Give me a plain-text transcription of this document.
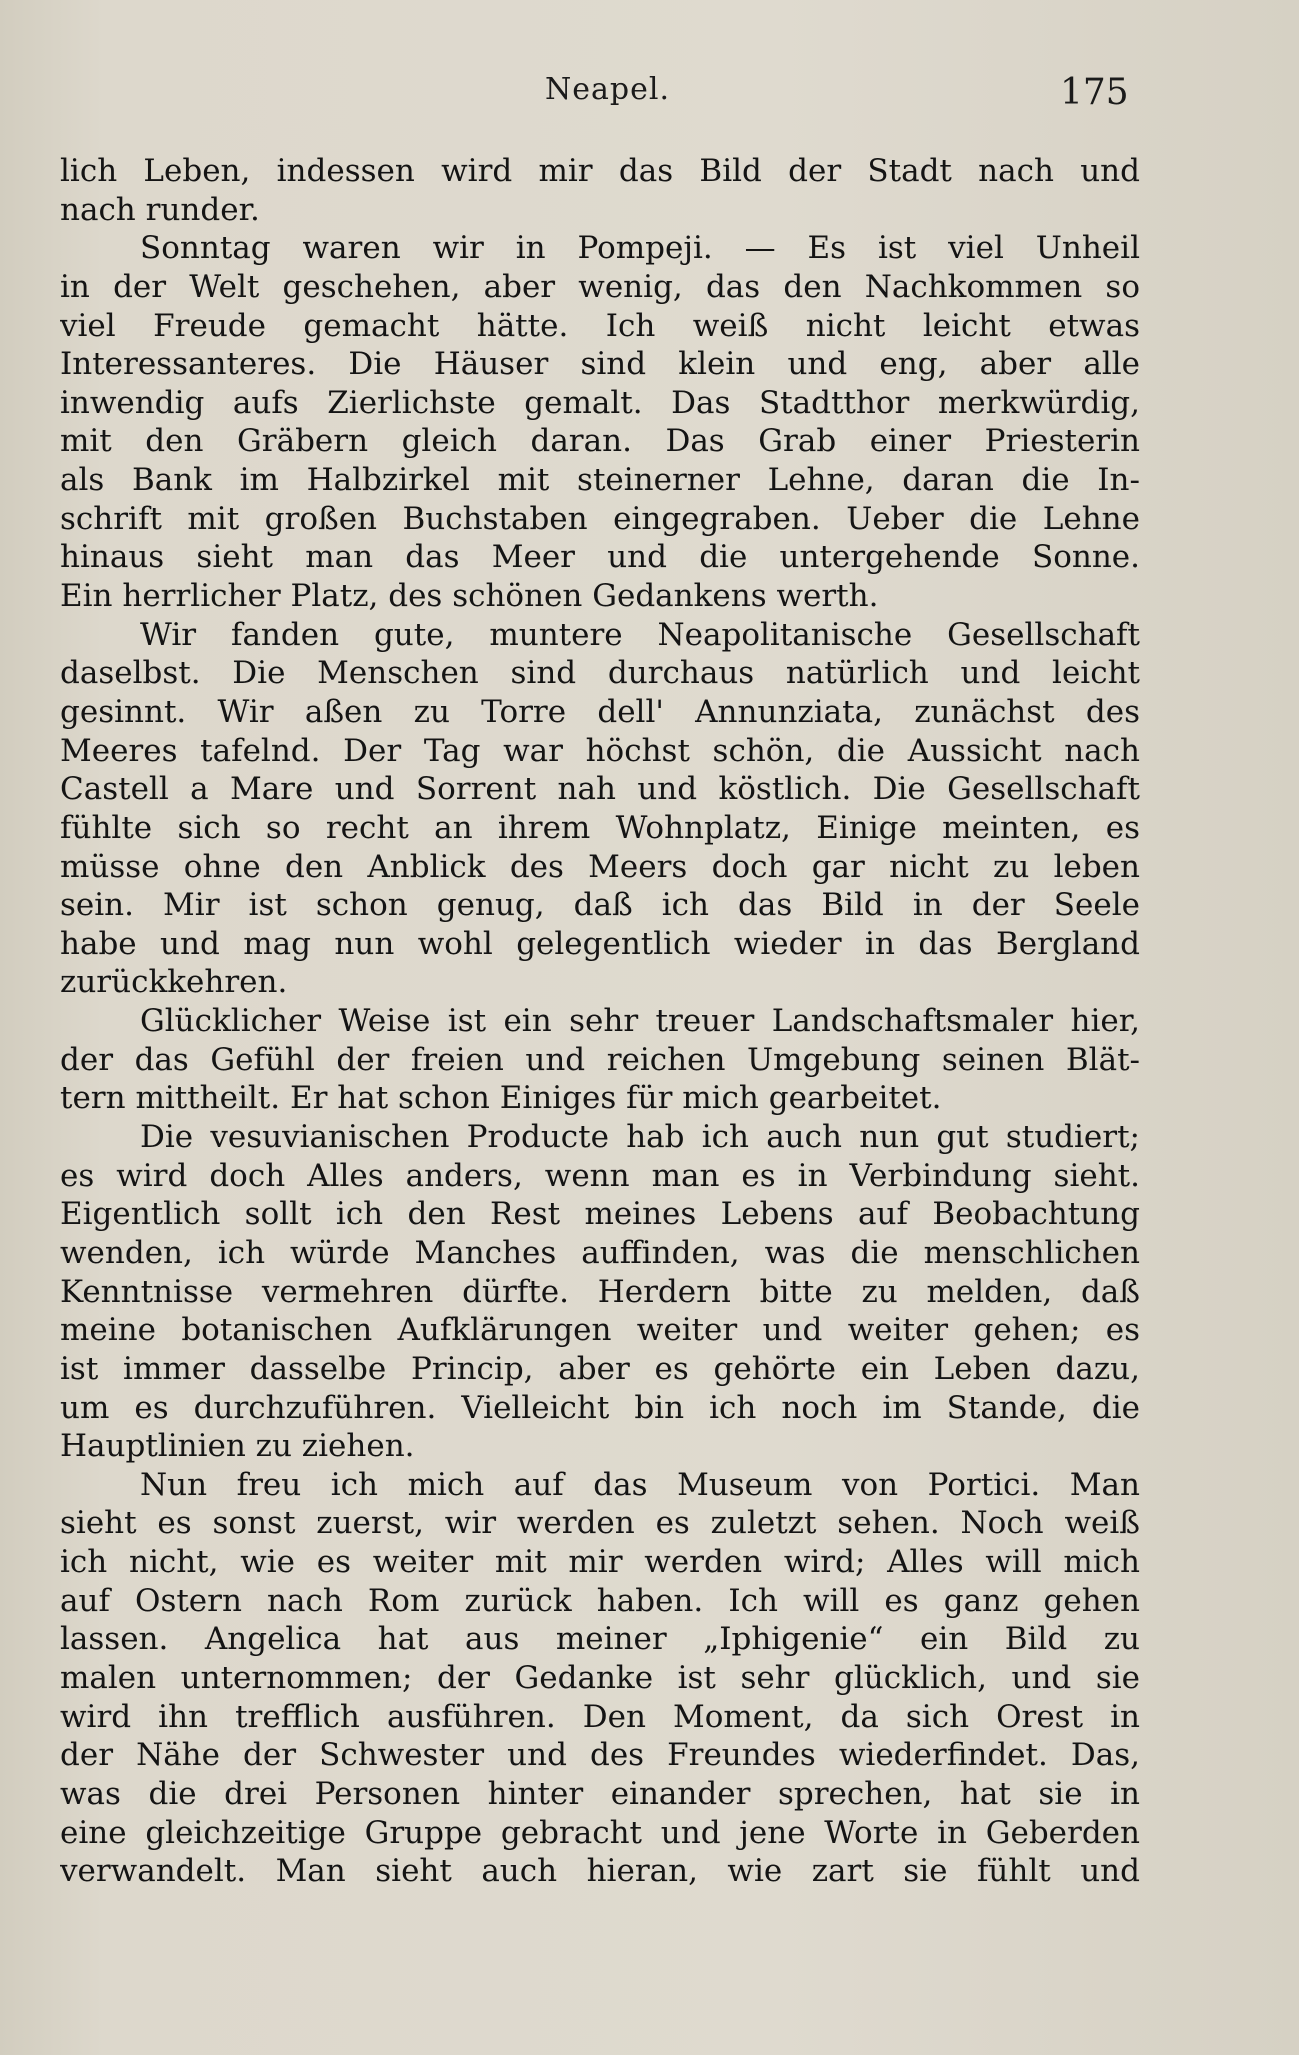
Neapel.	175
lich Leben, indessen wird mir das Bild der Stadt nach und
nach runder.
Sonntag waren wir in Pompeji. — Es ist viel Unheil
in der Welt geschehen, aber wenig, das den Nachkommen so
viel Freude gemacht hätte. Ich weiß nicht leicht etwas
Interessanteres. Die Häuser sind klein und eng, aber alle
inwendig aufs Zierlichste gemalt. Das Stadtthor merkwürdig,
mit den Gräbern gleich daran. Das Grab einer Priesterin
als Bank im Halbzirkel mit steinerner Lehne, daran die In-
schrift mit großen Buchstaben eingegraben. Ueber die Lehne
hinaus sieht man das Meer und die untergehende Sonne.
Ein herrlicher Platz, des schönen Gedankens werth.
Wir fanden gute, muntere Neapolitanische Gesellschaft
daselbst. Die Menschen sind durchaus natürlich und leicht
gesinnt. Wir aßen zu Torre dell' Annunziata, zunächst des
Meeres tafelnd. Der Tag war höchst schön, die Aussicht nach
Castell a Mare und Sorrent nah und köstlich. Die Gesellschaft
fühlte sich so recht an ihrem Wohnplatz, Einige meinten, es
müsse ohne den Anblick des Meers doch gar nicht zu leben
sein. Mir ist schon genug, daß ich das Bild in der Seele
habe und mag nun wohl gelegentlich wieder in das Bergland
zurückkehren.
Glücklicher Weise ist ein sehr treuer Landschaftsmaler hier,
der das Gefühl der freien und reichen Umgebung seinen Blät-
tern mittheilt. Er hat schon Einiges für mich gearbeitet.
Die vesuvianischen Producte hab ich auch nun gut studiert;
es wird doch Alles anders, wenn man es in Verbindung sieht.
Eigentlich sollt ich den Rest meines Lebens auf Beobachtung
wenden, ich würde Manches auffinden, was die menschlichen
Kenntnisse vermehren dürfte. Herdern bitte zu melden, daß
meine botanischen Aufklärungen weiter und weiter gehen; es
ist immer dasselbe Princip, aber es gehörte ein Leben dazu,
um es durchzuführen. Vielleicht bin ich noch im Stande, die
Hauptlinien zu ziehen.
Nun freu ich mich auf das Museum von Portici. Man
sieht es sonst zuerst, wir werden es zuletzt sehen. Noch weiß
ich nicht, wie es weiter mit mir werden wird; Alles will mich
auf Ostern nach Rom zurück haben. Ich will es ganz gehen
lassen. Angelica hat aus meiner „Iphigenie“ ein Bild zu
malen unternommen; der Gedanke ist sehr glücklich, und sie
wird ihn trefflich ausführen. Den Moment, da sich Orest in
der Nähe der Schwester und des Freundes wiederfindet. Das,
was die drei Personen hinter einander sprechen, hat sie in
eine gleichzeitige Gruppe gebracht und jene Worte in Geberden
verwandelt. Man sieht auch hieran, wie zart sie fühlt und
